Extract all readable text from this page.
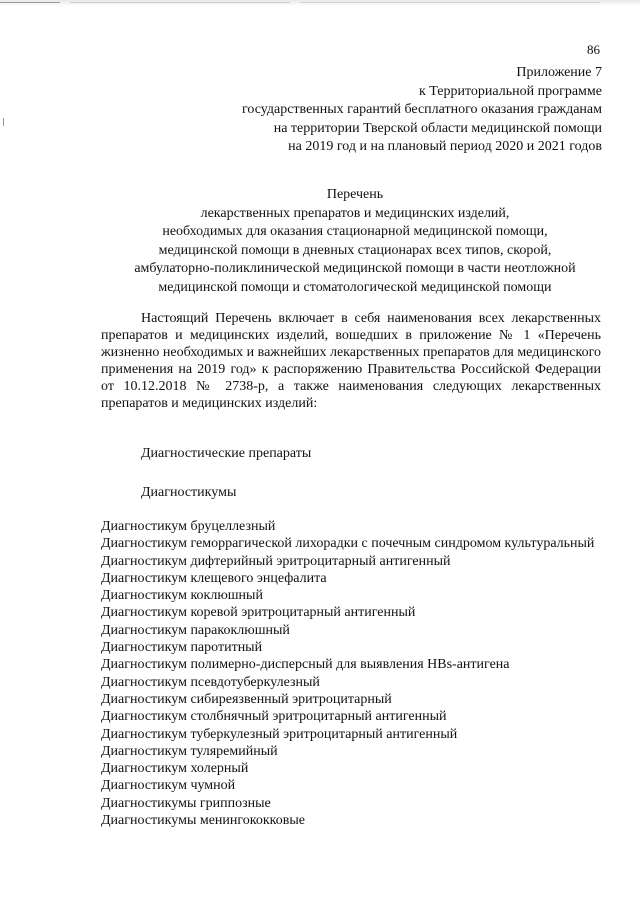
86
Приложение 7
к Территориальной программе
государственных гарантий бесплатного оказания гражданам
на территории Тверской области медицинской помощи
на 2019 год и на плановый период 2020 и 2021 годов
Перечень
лекарственных препаратов и медицинских изделий,
необходимых для оказания стационарной медицинской помощи,
медицинской помощи в дневных стационарах всех типов, скорой,
амбулаторно-поликлинической медицинской помощи в части неотложной
медицинской помощи и стоматологической медицинской помощи
Настоящий Перечень включает в себя наименования всех лекарственных препаратов и медицинских изделий, вошедших в приложение № 1 «Перечень жизненно необходимых и важнейших лекарственных препаратов для медицинского применения на 2019 год» к распоряжению Правительства Российской Федерации от 10.12.2018 № 2738-р, а также наименования следующих лекарственных препаратов и медицинских изделий:
Диагностические препараты
Диагностикумы
Диагностикум бруцеллезный
Диагностикум геморрагической лихорадки с почечным синдромом культуральный
Диагностикум дифтерийный эритроцитарный антигенный
Диагностикум клещевого энцефалита
Диагностикум коклюшный
Диагностикум коревой эритроцитарный антигенный
Диагностикум паракоклюшный
Диагностикум паротитный
Диагностикум полимерно-дисперсный для выявления HBs-антигена
Диагностикум псевдотуберкулезный
Диагностикум сибиреязвенный эритроцитарный
Диагностикум столбнячный эритроцитарный антигенный
Диагностикум туберкулезный эритроцитарный антигенный
Диагностикум туляремийный
Диагностикум холерный
Диагностикум чумной
Диагностикумы гриппозные
Диагностикумы менингококковые
